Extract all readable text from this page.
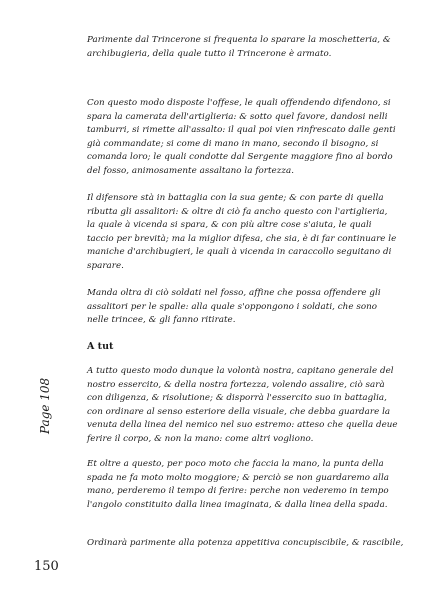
Parimente dal Trincerone si frequenta lo sparare la moschetteria, &
archibugieria, della quale tutto il Trincerone è armato.
Con questo modo disposte l'offese, le quali offendendo difendono, si
spara la camerata dell'artiglieria: & sotto quel favore, dandosi nelli
tamburri, si rimette all'assalto: il qual poi vien rinfrescato dalle genti
già commandate; si come di mano in mano, secondo il bisogno, si
comanda loro; le quali condotte dal Sergente maggiore fino al bordo
del fosso, animosamente assaltano la fortezza.
Il difensore stà in battaglia con la sua gente; & con parte di quella
ributta gli assalitori: & oltre di ciò fa ancho questo con l'artiglieria,
la quale à vicenda si spara, & con più altre cose s'aiuta, le quali
taccio per brevità; ma la miglior difesa, che sia, è di far continuare le
maniche d'archibugieri, le quali à vicenda in caraccollo seguitano di
sparare.
Manda oltra di ciò soldati nel fosso, affine che possa offendere gli
assalitori per le spalle: alla quale s'oppongono i soldati, che sono
nelle trincee, & gli fanno ritirate.
A tut
A tutto questo modo dunque la volontà nostra, capitano generale del
nostro essercito, & della nostra fortezza, volendo assalire, ciò sarà
con diligenza, & risolutione; & disporrà l'essercito suo in battaglia,
con ordinare al senso esteriore della visuale, che debba guardare la
venuta della linea del nemico nel suo estremo: atteso che quella deue
ferire il corpo, & non la mano: come altri vogliono.
Et oltre a questo, per poco moto che faccia la mano, la punta della
spada ne fa moto molto moggiore; & perciò se non guardaremo alla
mano, perderemo il tempo di ferire: perche non vederemo in tempo
l'angolo constituito dalla linea imaginata, & dalla linea della spada.
Ordinarà parimente alla potenza appetitiva concupiscibile, & rascibile,
Page 108
150
